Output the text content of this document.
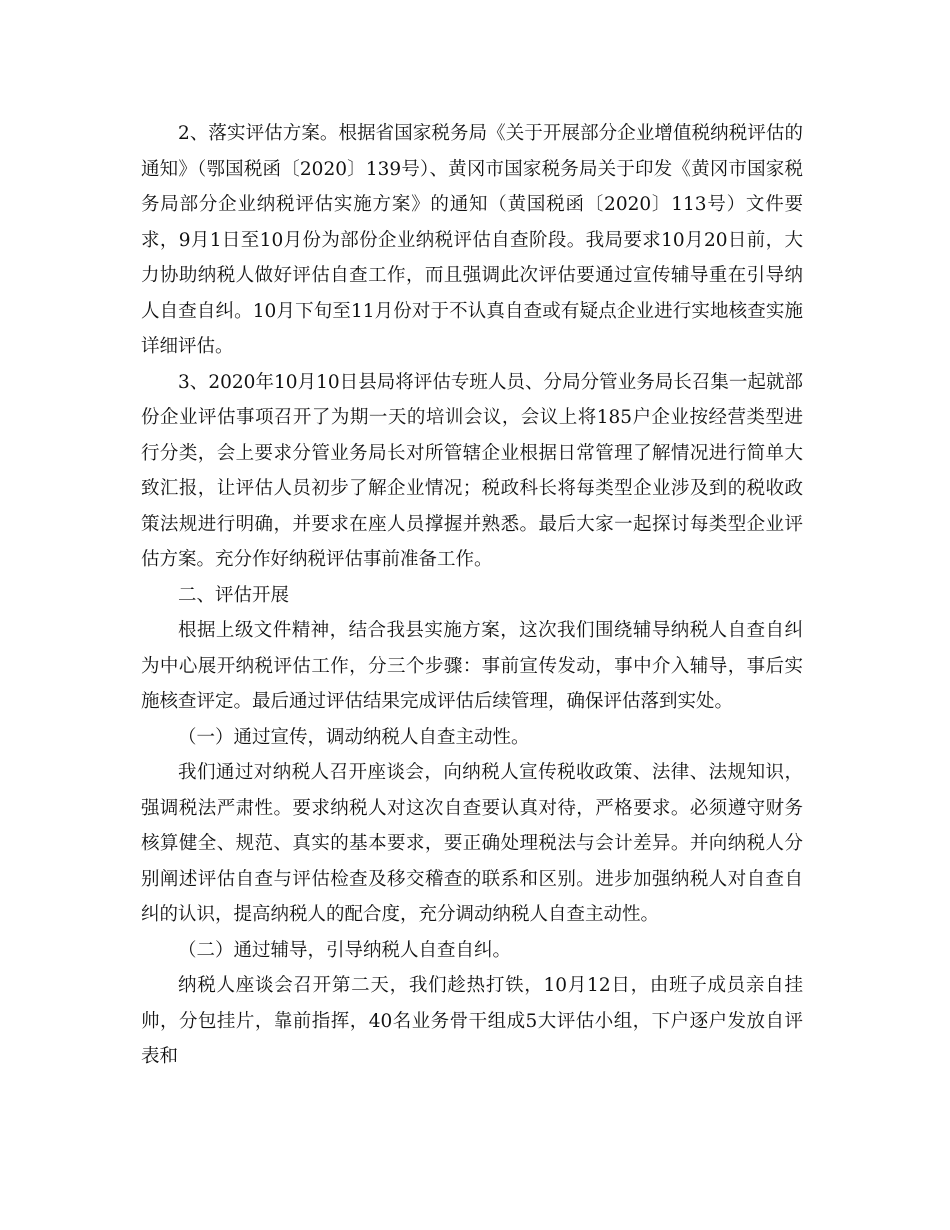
2、落实评估方案。根据省国家税务局《关于开展部分企业增值税纳税评估的通知》（鄂国税函〔2020〕139号）、黄冈市国家税务局关于印发《黄冈市国家税务局部分企业纳税评估实施方案》的通知（黄国税函〔2020〕113号）文件要求，9月1日至10月份为部份企业纳税评估自查阶段。我局要求10月20日前，大力协助纳税人做好评估自查工作，而且强调此次评估要通过宣传辅导重在引导纳人自查自纠。10月下旬至11月份对于不认真自查或有疑点企业进行实地核查实施详细评估。

3、2020年10月10日县局将评估专班人员、分局分管业务局长召集一起就部份企业评估事项召开了为期一天的培训会议，会议上将185户企业按经营类型进行分类，会上要求分管业务局长对所管辖企业根据日常管理了解情况进行简单大致汇报，让评估人员初步了解企业情况；税政科长将每类型企业涉及到的税收政策法规进行明确，并要求在座人员撑握并熟悉。最后大家一起探讨每类型企业评估方案。充分作好纳税评估事前准备工作。

二、评估开展

根据上级文件精神，结合我县实施方案，这次我们围绕辅导纳税人自查自纠为中心展开纳税评估工作，分三个步骤：事前宣传发动，事中介入辅导，事后实施核查评定。最后通过评估结果完成评估后续管理，确保评估落到实处。

（一）通过宣传，调动纳税人自查主动性。

我们通过对纳税人召开座谈会，向纳税人宣传税收政策、法律、法规知识，强调税法严肃性。要求纳税人对这次自查要认真对待，严格要求。必须遵守财务核算健全、规范、真实的基本要求，要正确处理税法与会计差异。并向纳税人分别阐述评估自查与评估检查及移交稽查的联系和区别。进步加强纳税人对自查自纠的认识，提高纳税人的配合度，充分调动纳税人自查主动性。

（二）通过辅导，引导纳税人自查自纠。

纳税人座谈会召开第二天，我们趁热打铁，10月12日，由班子成员亲自挂帅，分包挂片，靠前指挥，40名业务骨干组成5大评估小组，下户逐户发放自评表和
